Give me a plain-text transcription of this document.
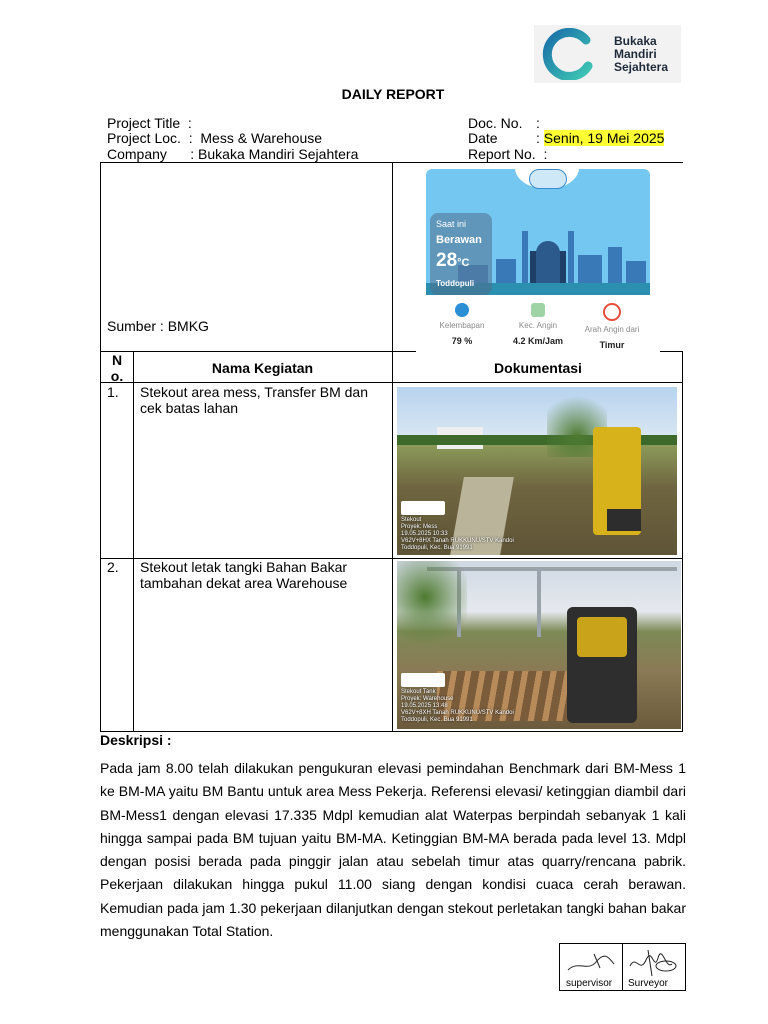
Bukaka
Mandiri
Sejahtera
DAILY REPORT
Project Title :
Project Loc. : Mess & Warehouse
Company : Bukaka Mandiri Sejahtera
Doc. No. :
Date	: Senin, 19 Mei 2025
Report No. :
Sumber : BMKG
Saat ini
Berawan
28°C
Toddopuli
Kelembapan
79 %
Kec. Angin
4.2 Km/Jam
Arah Angin dari
Timur
No.	Nama Kegiatan	Dokumentasi
1. Stekout area mess, Transfer BM dan cek batas lahan
Stekout
Proyek: Mess
19.05.2025 10:33
V62V+8HX Tanah RUKKUNU/STV Kandoi
Toddopuli, Kec. Bua 91991
2. Stekout letak tangki Bahan Bakar tambahan dekat area Warehouse
Stekout Tank
Proyek: Warehouse
19.05.2025 13:48
V62V+8XH Tanah RUKKUNU/STV Kandoi
Toddopuli, Kec. Bua 91991
Deskripsi :
Pada jam 8.00 telah dilakukan pengukuran elevasi pemindahan Benchmark dari BM-Mess 1 ke BM-MA yaitu BM Bantu untuk area Mess Pekerja. Referensi elevasi/ ketinggian diambil dari BM-Mess1 dengan elevasi 17.335 Mdpl kemudian alat Waterpas berpindah sebanyak 1 kali hingga sampai pada BM tujuan yaitu BM-MA. Ketinggian BM-MA berada pada level 13. Mdpl dengan posisi berada pada pinggir jalan atau sebelah timur atas quarry/rencana pabrik. Pekerjaan dilakukan hingga pukul 11.00 siang dengan kondisi cuaca cerah berawan. Kemudian pada jam 1.30 pekerjaan dilanjutkan dengan stekout perletakan tangki bahan bakar menggunakan Total Station.
supervisor Surveyor
